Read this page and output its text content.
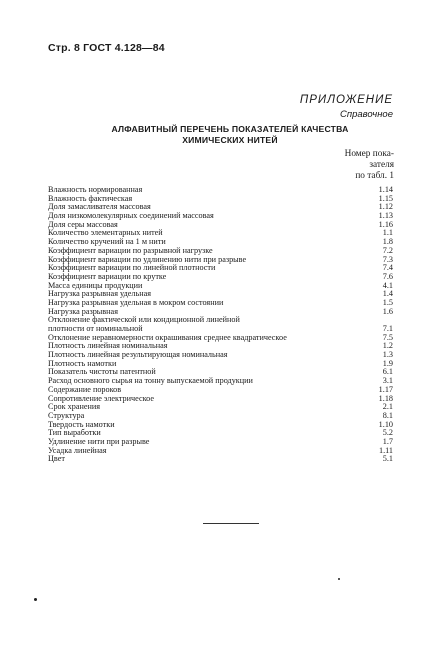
Стр. 8 ГОСТ 4.128—84
ПРИЛОЖЕНИЕ
Справочное
АЛФАВИТНЫЙ ПЕРЕЧЕНЬ ПОКАЗАТЕЛЕЙ КАЧЕСТВА
ХИМИЧЕСКИХ НИТЕЙ
Номер пока-
зателя
по табл. 1
Влажность нормированная	1.14
Влажность фактическая	1.15
Доля замасливателя массовая	1.12
Доля низкомолекулярных соединений массовая	1.13
Доля серы массовая	1.16
Количество элементарных нитей	1.1
Количество кручений на 1 м нити	1.8
Коэффициент вариации по разрывной нагрузке	7.2
Коэффициент вариации по удлинению нити при разрыве	7.3
Коэффициент вариации по линейной плотности	7.4
Коэффициент вариации по крутке	7.6
Масса единицы продукции	4.1
Нагрузка разрывная удельная	1.4
Нагрузка разрывная удельная в мокром состоянии	1.5
Нагрузка разрывная	1.6
Отклонение фактической или кондиционной линейной
плотности от номинальной	7.1
Отклонение неравномерности окрашивания среднее квадратическое	7.5
Плотность линейная номинальная	1.2
Плотность линейная результирующая номинальная	1.3
Плотность намотки	1.9
Показатель чистоты патентной	6.1
Расход основного сырья на тонну выпускаемой продукции	3.1
Содержание пороков	1.17
Сопротивление электрическое	1.18
Срок хранения	2.1
Структура	8.1
Твердость намотки	1.10
Тип выработки	5.2
Удлинение нити при разрыве	1.7
Усадка линейная	1.11
Цвет	5.1
